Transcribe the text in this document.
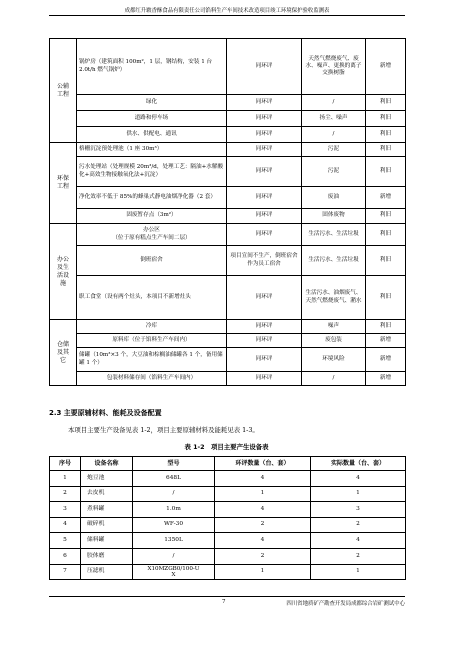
成都红升皲香酥食品有限责任公司馅料生产车间技术改造项目竣工环境保护验收监测表
公辅
工程	锅炉房（建筑面积 100m²，1 层，钢结构，安装 1 台 2.0t/h 燃气锅炉）	同环评	天然气燃烧废气、废水、噪声、更换的离子交换树脂	新增
	绿化	同环评	/	利旧
	道路和停车场	同环评	扬尘、噪声	利旧
	供水、供配电、通讯	同环评	/	利旧
环保
工程	格栅沉淀预处理池（1 座 30m³）	同环评	污泥	利旧
	污水处理站（处理规模 20m³/d，处理工艺：隔油+水解酸化+高效生物接触氧化法+沉淀）	同环评	污泥	利旧
	净化效率不低于 85%的蜂巢式静电油烟净化器（2 套）	同环评	废油	新增
	固废暂存点（3m²）	同环评	固体废物	利旧
办公
及生
活设
施	办公区
（位于原有糕点生产车间二层）	同环评	生活污水、生活垃圾	利旧
	倒班宿舍	项目宣间不生产，倒班宿舍作为员工宿舍	生活污水、生活垃圾	利旧
	职工食堂（设有两个灶头，本项目不新增灶头	同环评	生活污水、油烟废气、天然气燃烧废气、潲水	利旧
仓储
及其
它	冷库	同环评	噪声	利旧
	原料库（位于馅料生产车间内）	同环评	废包装	新增
	储罐（10m³×3 个，大豆油和棕榈油储罐各 1 个，备用储罐 1 个）	同环评	环境风险	新增
	包装材料储存间（馅料生产车间内）	同环评	/	新增
2.3 主要原辅材料、能耗及设备配置
本项目主要生产设备见表 1-2，项目主要原辅材料及能耗见表 1-3。
表 1-2　项目主要产生设备表
序号	设备名称	型号	环评数量（台、套）	实际数量（台、套）
1	炮豆池	648L	4	4
2	去皮机	/	1	1
3	煮料罐	1.0m	4	3
4	破碎机	WF-30	2	2
5	储料罐	1350L	4	4
6	胶体磨	/	2	2
7	压滤机	X10MZGB0/100-U
X	1	1
7	四川省地质矿产勘查开发局成都综合岩矿测试中心
